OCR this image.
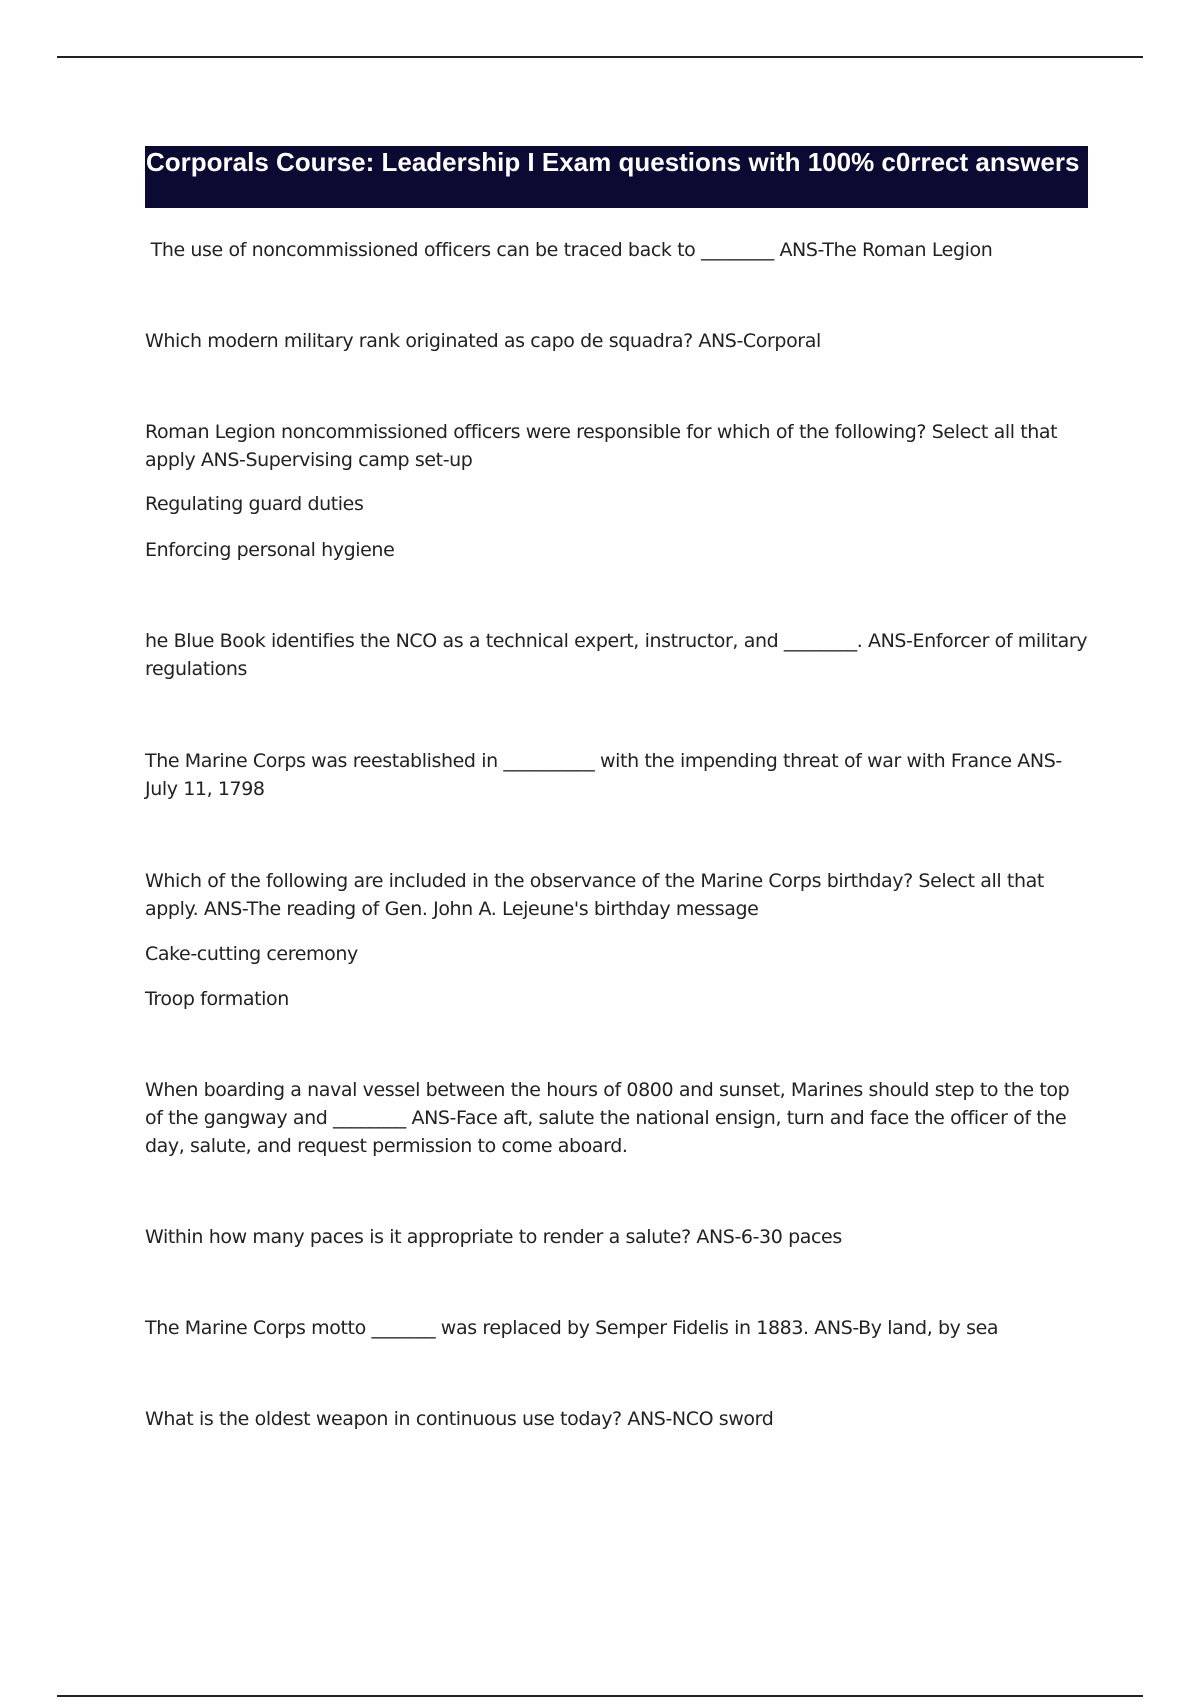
Corporals Course: Leadership I Exam questions with 100% c0rrect answers

The use of noncommissioned officers can be traced back to ________ ANS-The Roman Legion

Which modern military rank originated as capo de squadra? ANS-Corporal

Roman Legion noncommissioned officers were responsible for which of the following? Select all that apply ANS-Supervising camp set-up

Regulating guard duties

Enforcing personal hygiene

he Blue Book identifies the NCO as a technical expert, instructor, and ________. ANS-Enforcer of military regulations

The Marine Corps was reestablished in __________ with the impending threat of war with France ANS-July 11, 1798

Which of the following are included in the observance of the Marine Corps birthday? Select all that apply. ANS-The reading of Gen. John A. Lejeune's birthday message

Cake-cutting ceremony

Troop formation

When boarding a naval vessel between the hours of 0800 and sunset, Marines should step to the top of the gangway and ________ ANS-Face aft, salute the national ensign, turn and face the officer of the day, salute, and request permission to come aboard.

Within how many paces is it appropriate to render a salute? ANS-6-30 paces

The Marine Corps motto _______ was replaced by Semper Fidelis in 1883. ANS-By land, by sea

What is the oldest weapon in continuous use today? ANS-NCO sword
